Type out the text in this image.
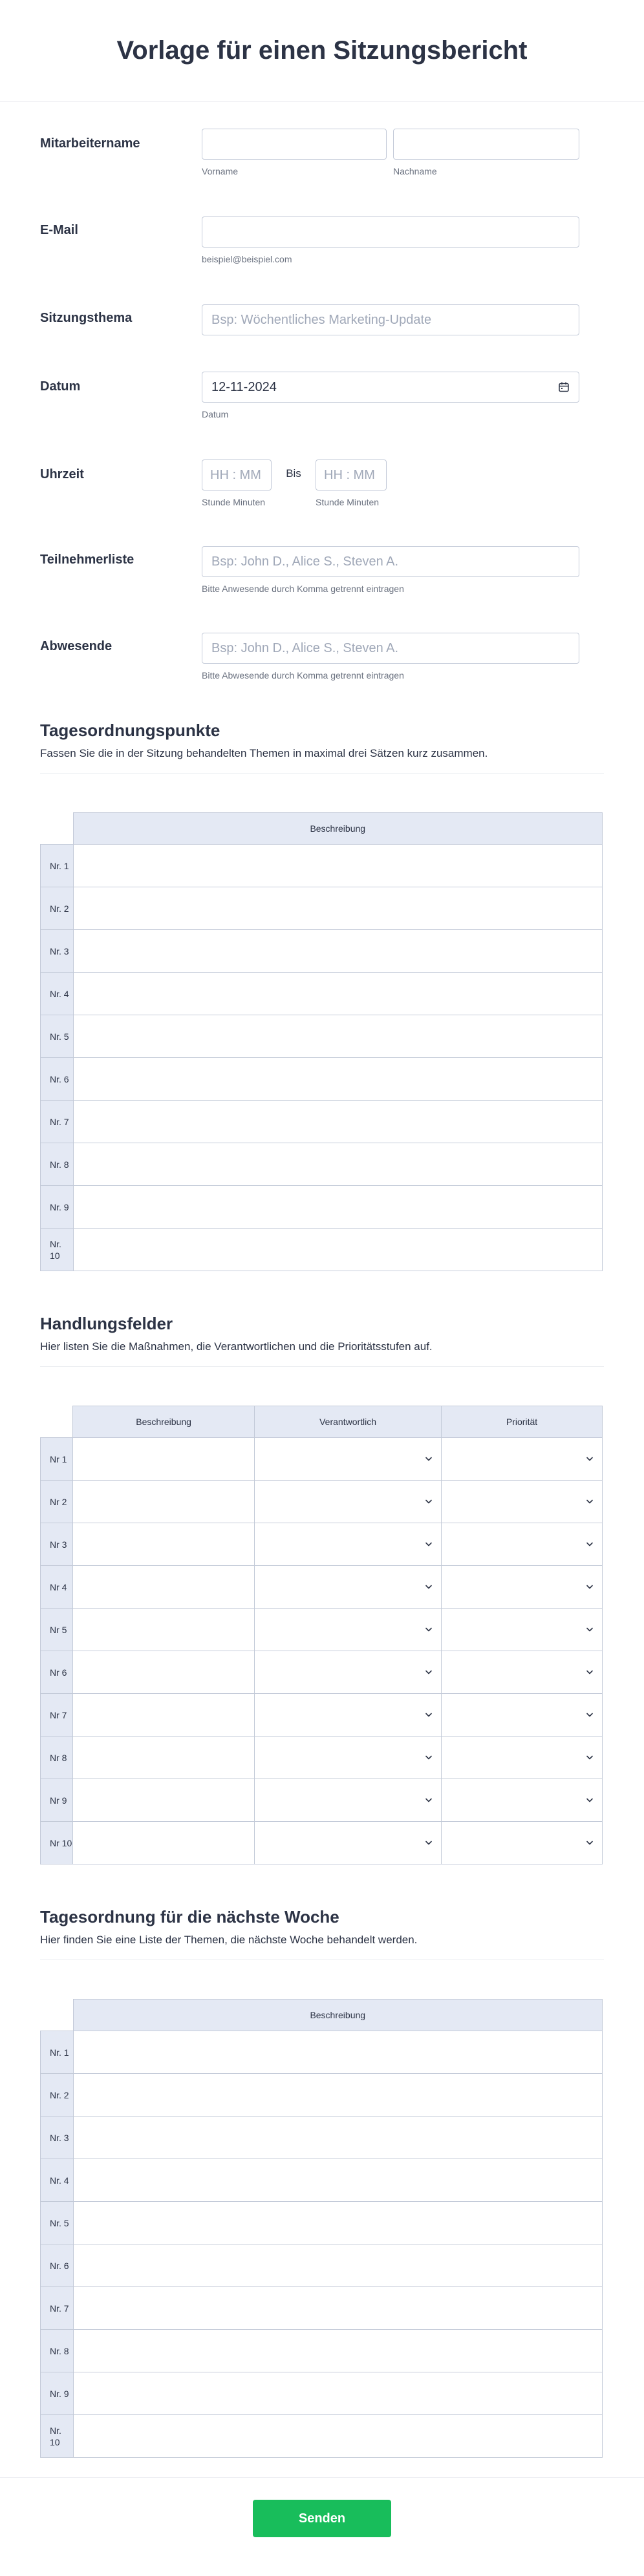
Vorlage für einen Sitzungsbericht
Mitarbeitername
Vorname	Nachname
E-Mail
beispiel@beispiel.com
Sitzungsthema	Bsp: Wöchentliches Marketing-Update
Datum	12-11-2024
Datum
Uhrzeit	HH : MM
Stunde Minuten
Bis	HH : MM
Stunde Minuten
Teilnehmerliste	Bsp: John D., Alice S., Steven A.
Bitte Anwesende durch Komma getrennt eintragen
Abwesende	Bsp: John D., Alice S., Steven A.
Bitte Abwesende durch Komma getrennt eintragen
Tagesordnungspunkte

Fassen Sie die in der Sitzung behandelten Themen in maximal drei Sätzen kurz zusammen.

	Beschreibung
Nr. 1	
Nr. 2	
Nr. 3	
Nr. 4	
Nr. 5	
Nr. 6	
Nr. 7	
Nr. 8	
Nr. 9	
Nr. 10	
Handlungsfelder

Hier listen Sie die Maßnahmen, die Verantwortlichen und die Prioritätsstufen auf.

	Beschreibung	Verantwortlich	Priorität
Nr 1		

Nr 2		

Nr 3		

Nr 4		

Nr 5		

Nr 6		

Nr 7		

Nr 8		

Nr 9		

Nr 10		

Tagesordnung für die nächste Woche

Hier finden Sie eine Liste der Themen, die nächste Woche behandelt werden.

	Beschreibung
Nr. 1	
Nr. 2	
Nr. 3	
Nr. 4	
Nr. 5	
Nr. 6	
Nr. 7	
Nr. 8	
Nr. 9	
Nr. 10	
Senden
